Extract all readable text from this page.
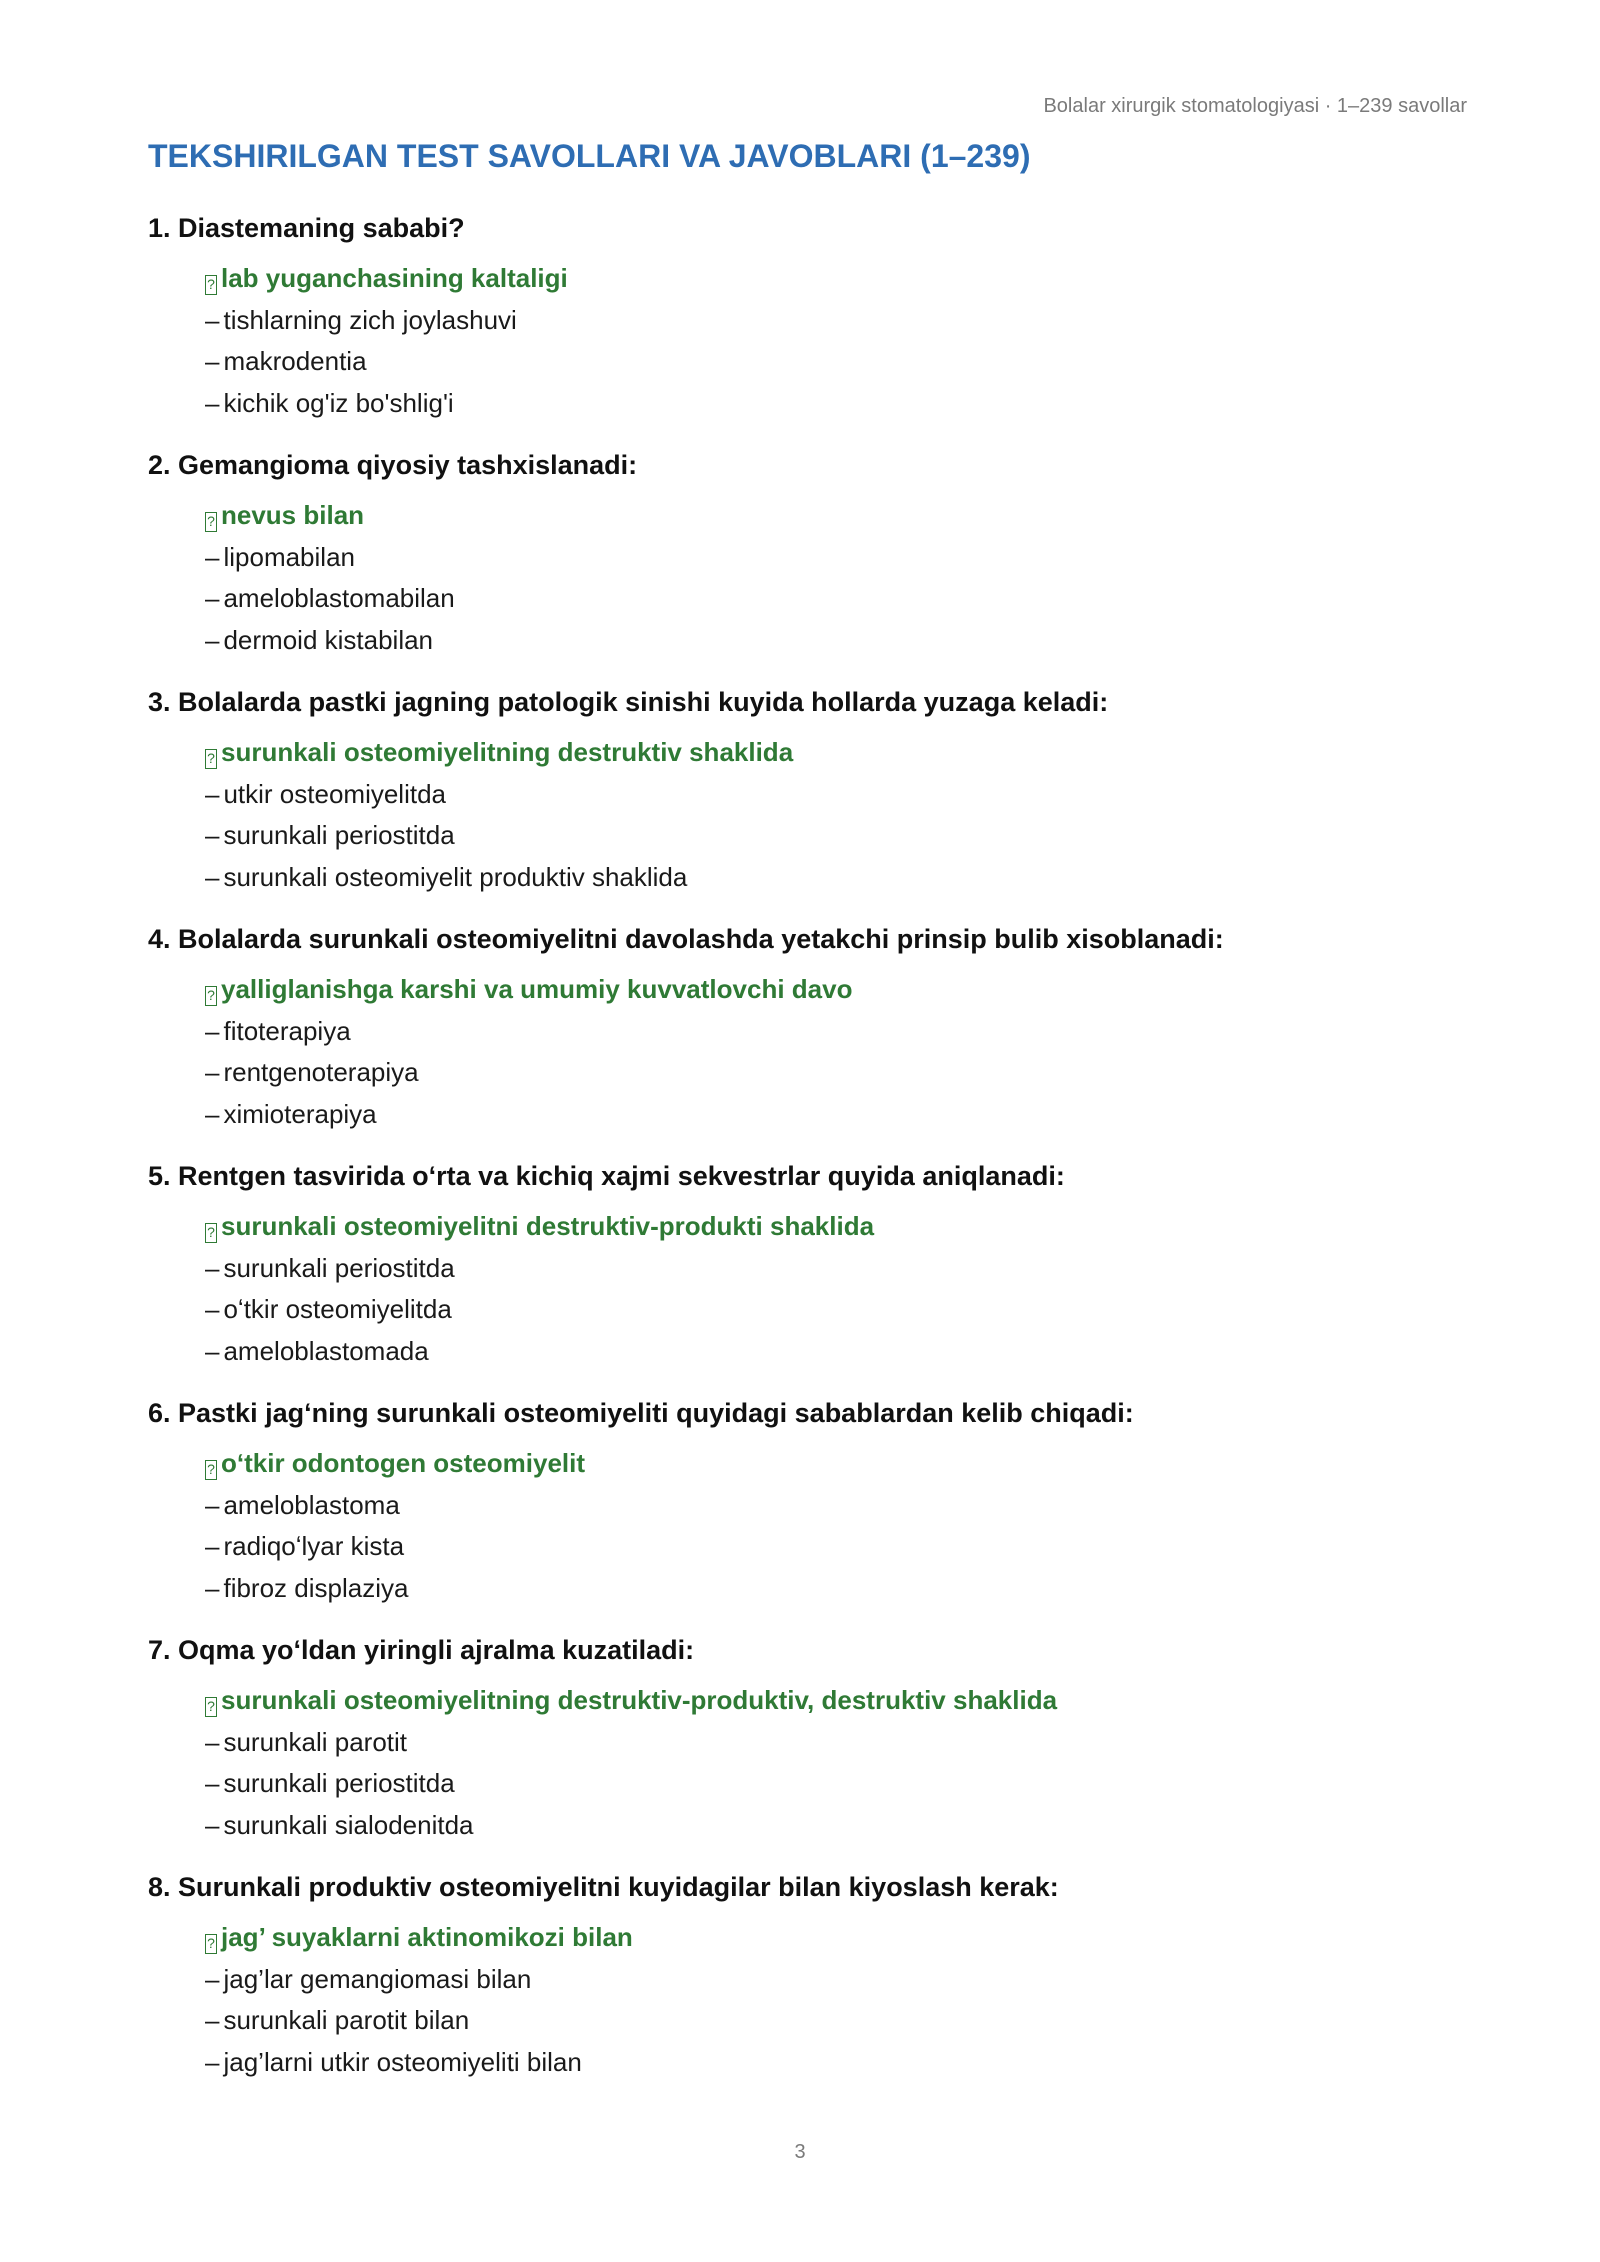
Bolalar xirurgik stomatologiyasi · 1–239 savollar
TEKSHIRILGAN TEST SAVOLLARI VA JAVOBLARI (1–239)
1. Diastemaning sababi?
? lab yuganchasining kaltaligi
– tishlarning zich joylashuvi
– makrodentia
– kichik og'iz bo'shlig'i
2. Gemangioma qiyosiy tashxislanadi:
? nevus bilan
– lipomabilan
– ameloblastomabilan
– dermoid kistabilan
3. Bolalarda pastki jagning patologik sinishi kuyida hollarda yuzaga keladi:
? surunkali osteomiyelitning destruktiv shaklida
– utkir osteomiyelitda
– surunkali periostitda
– surunkali osteomiyelit produktiv shaklida
4. Bolalarda surunkali osteomiyelitni davolashda yetakchi prinsip bulib xisoblanadi:
? yalliglanishga karshi va umumiy kuvvatlovchi davo
– fitoterapiya
– rentgenoterapiya
– ximioterapiya
5. Rentgen tasvirida oʻrta va kichiq xajmi sekvestrlar quyida aniqlanadi:
? surunkali osteomiyelitni destruktiv-produkti shaklida
– surunkali periostitda
– oʻtkir osteomiyelitda
– ameloblastomada
6. Pastki jagʻning surunkali osteomiyeliti quyidagi sabablardan kelib chiqadi:
? oʻtkir odontogen osteomiyelit
– ameloblastoma
– radiqoʻlyar kista
– fibroz displaziya
7. Oqma yoʻldan yiringli ajralma kuzatiladi:
? surunkali osteomiyelitning destruktiv-produktiv, destruktiv shaklida
– surunkali parotit
– surunkali periostitda
– surunkali sialodenitda
8. Surunkali produktiv osteomiyelitni kuyidagilar bilan kiyoslash kerak:
? jag’ suyaklarni aktinomikozi bilan
– jag’lar gemangiomasi bilan
– surunkali parotit bilan
– jag’larni utkir osteomiyeliti bilan
3
